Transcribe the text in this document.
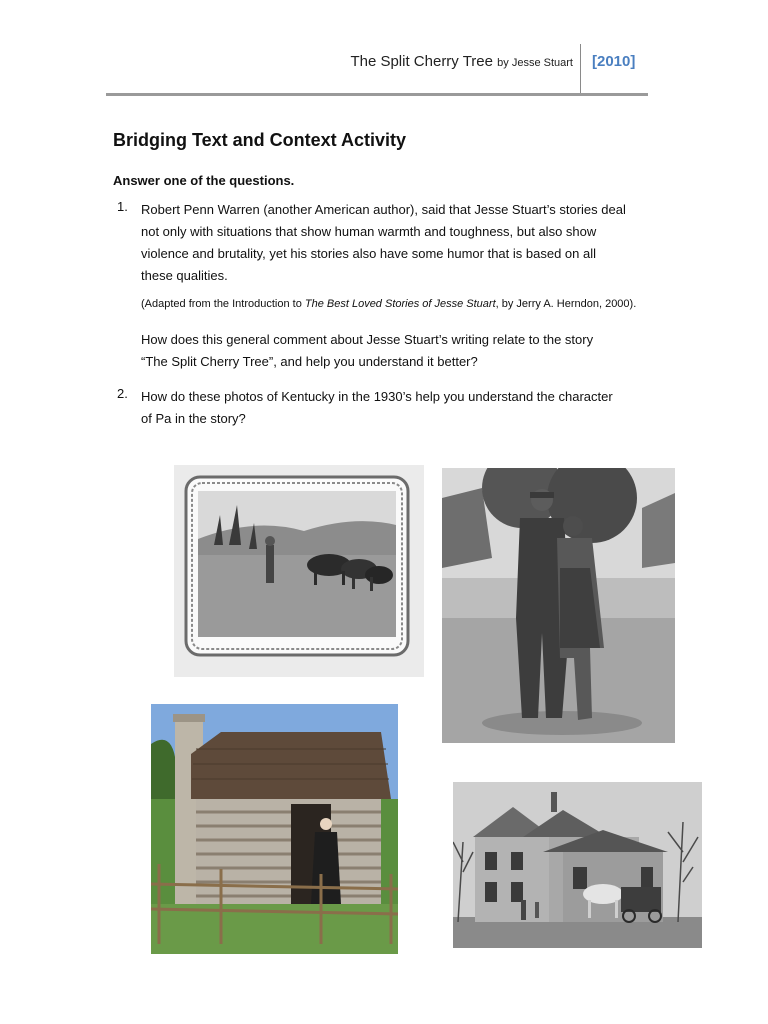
The Split Cherry Tree by Jesse Stuart [2010]
Bridging Text and Context Activity
Answer one of the questions.
1. Robert Penn Warren (another American author), said that Jesse Stuart’s stories deal
not only with situations that show human warmth and toughness, but also show
violence and brutality, yet his stories also have some humor that is based on all
these qualities.
(Adapted from the Introduction to The Best Loved Stories of Jesse Stuart, by Jerry A. Herndon, 2000).
How does this general comment about Jesse Stuart’s writing relate to the story
“The Split Cherry Tree”, and help you understand it better?
2. How do these photos of Kentucky in the 1930’s help you understand the character
of Pa in the story?
